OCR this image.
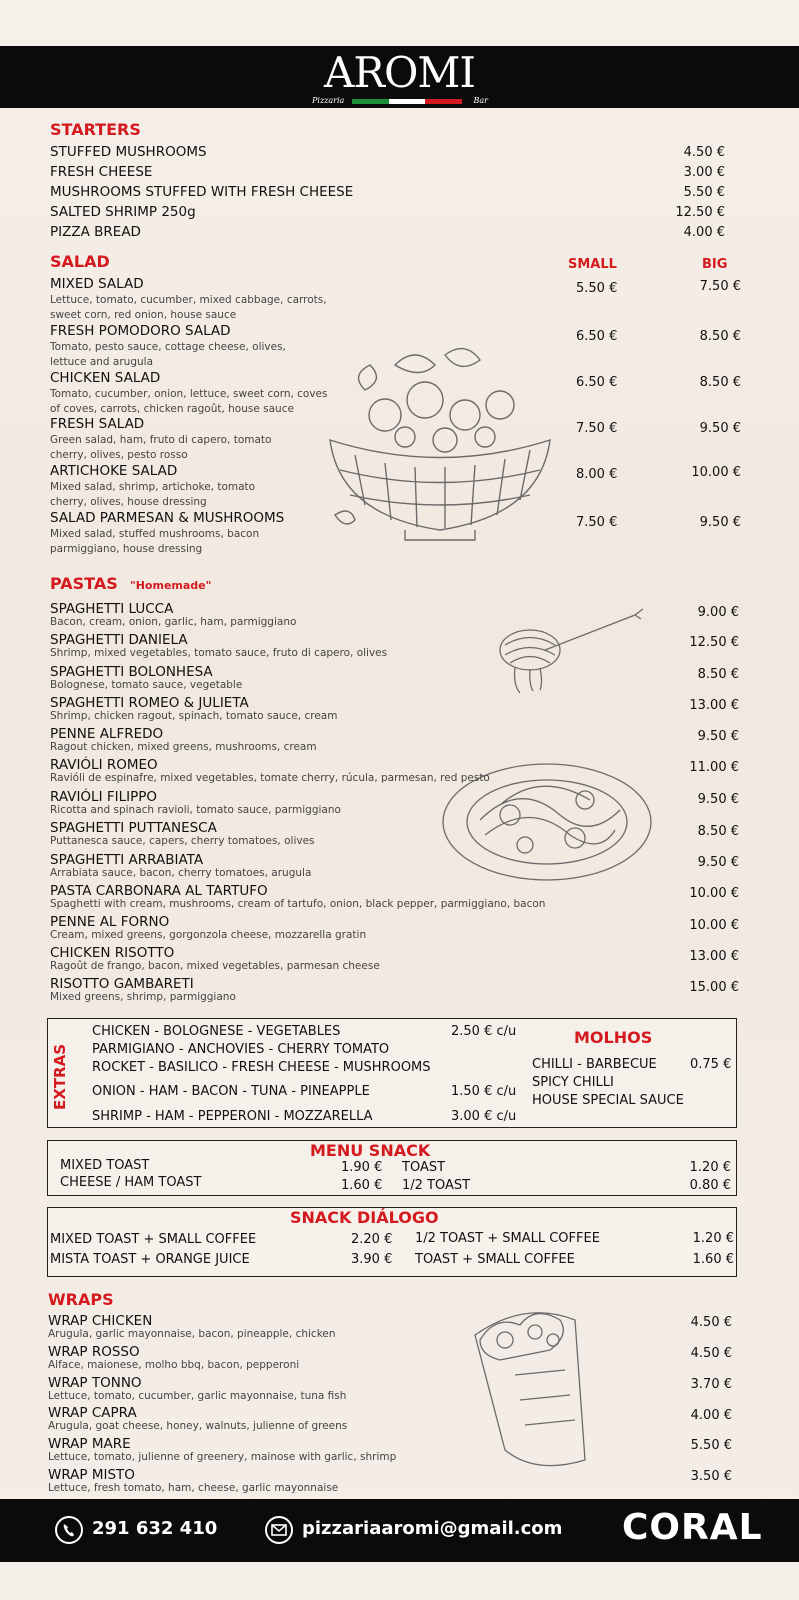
AROMI
Pizzaria	Bar
STARTERS
STUFFED MUSHROOMS	4.50 €
FRESH CHEESE	3.00 €
MUSHROOMS STUFFED WITH FRESH CHEESE	5.50 €
SALTED SHRIMP 250g	12.50 €
PIZZA BREAD	4.00 €
SALAD	SMALL	BIG
MIXED SALAD
Lettuce, tomato, cucumber, mixed cabbage, carrots,
sweet corn, red onion, house sauce
5.50 €	7.50 €
FRESH POMODORO SALAD
Tomato, pesto sauce, cottage cheese, olives,
lettuce and arugula
6.50 €	8.50 €
CHICKEN SALAD
Tomato, cucumber, onion, lettuce, sweet corn, coves
of coves, carrots, chicken ragoût, house sauce
6.50 €	8.50 €
FRESH SALAD
Green salad, ham, fruto di capero, tomato
cherry, olives, pesto rosso
7.50 €	9.50 €
ARTICHOKE SALAD
Mixed salad, shrimp, artichoke, tomato
cherry, olives, house dressing
8.00 €	10.00 €
SALAD PARMESAN & MUSHROOMS
Mixed salad, stuffed mushrooms, bacon
parmiggiano, house dressing
7.50 €	9.50 €
PASTAS "Homemade"
SPAGHETTI LUCCA
Bacon, cream, onion, garlic, ham, parmiggiano
9.00 €
SPAGHETTI DANIELA
Shrimp, mixed vegetables, tomato sauce, fruto di capero, olives
12.50 €
SPAGHETTI BOLONHESA
Bolognese, tomato sauce, vegetable
8.50 €
SPAGHETTI ROMEO & JULIETA
Shrimp, chicken ragout, spinach, tomato sauce, cream
13.00 €
PENNE ALFREDO
Ragout chicken, mixed greens, mushrooms, cream
9.50 €
RAVIÓLI ROMEO
Ravióli de espinafre, mixed vegetables, tomate cherry, rúcula, parmesan, red pesto
11.00 €
RAVIÓLI FILIPPO
Ricotta and spinach ravioli, tomato sauce, parmiggiano
9.50 €
SPAGHETTI PUTTANESCA
Puttanesca sauce, capers, cherry tomatoes, olives
8.50 €
SPAGHETTI ARRABIATA
Arrabiata sauce, bacon, cherry tomatoes, arugula
9.50 €
PASTA CARBONARA AL TARTUFO
Spaghetti with cream, mushrooms, cream of tartufo, onion, black pepper, parmiggiano, bacon
10.00 €
PENNE AL FORNO
Cream, mixed greens, gorgonzola cheese, mozzarella gratin
10.00 €
CHICKEN RISOTTO
Ragoût de frango, bacon, mixed vegetables, parmesan cheese
13.00 €
RISOTTO GAMBARETI
Mixed greens, shrimp, parmiggiano
15.00 €
EXTRAS
CHICKEN - BOLOGNESE - VEGETABLES	2.50 € c/u
PARMIGIANO - ANCHOVIES - CHERRY TOMATO
ROCKET - BASILICO - FRESH CHEESE - MUSHROOMS
ONION - HAM - BACON - TUNA - PINEAPPLE	1.50 € c/u
SHRIMP - HAM - PEPPERONI - MOZZARELLA	3.00 € c/u
MOLHOS
CHILLI - BARBECUE	0.75 €
SPICY CHILLI
HOUSE SPECIAL SAUCE
MENU SNACK
MIXED TOAST	1.90 €
CHEESE / HAM TOAST	1.60 €
TOAST	1.20 €
1/2 TOAST	0.80 €
SNACK DIÁLOGO
MIXED TOAST + SMALL COFFEE	2.20 €
MISTA TOAST + ORANGE JUICE	3.90 €
1/2 TOAST + SMALL COFFEE	1.20 €
TOAST + SMALL COFFEE	1.60 €
WRAPS
WRAP CHICKEN
Arugula, garlic mayonnaise, bacon, pineapple, chicken
4.50 €
WRAP ROSSO
Alface, maionese, molho bbq, bacon, pepperoni
4.50 €
WRAP TONNO
Lettuce, tomato, cucumber, garlic mayonnaise, tuna fish
3.70 €
WRAP CAPRA
Arugula, goat cheese, honey, walnuts, julienne of greens
4.00 €
WRAP MARE
Lettuce, tomato, julienne of greenery, mainose with garlic, shrimp
5.50 €
WRAP MISTO
Lettuce, fresh tomato, ham, cheese, garlic mayonnaise
3.50 €
291 632 410	pizzariaaromi@gmail.com CORAL
